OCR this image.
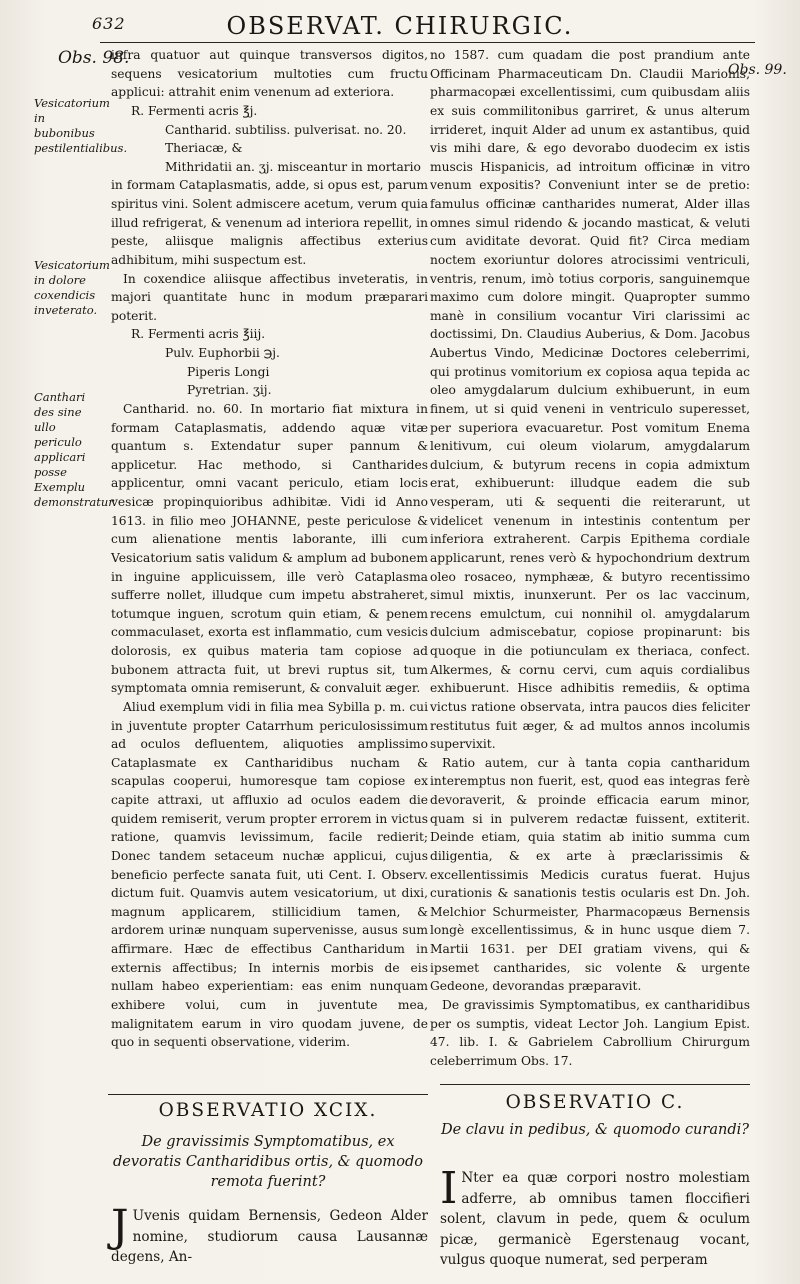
632	OBSERVAT. CHIRURGIC.
Obs. 98.
Obs. 99.
Vesicatorium in bubonibus pestilentialibus.
Vesicatorium in dolore coxendicis inveterato.
Canthari des sine ullo periculo applicari posse Exemplu demonstratur.

infra quatuor aut quinque transversos digitos, sequens vesicatorium multoties cum fructu applicui: attrahit enim venenum ad exteriora.

R. Fermenti acris ℥j.
Cantharid. subtiliss. pulverisat. no. 20.
Theriacæ, &
Mithridatii an. ʒj. misceantur in mortario

in formam Cataplasmatis, adde, si opus est, parum spiritus vini. Solent admiscere acetum, verum quia illud refrigerat, & venenum ad interiora repellit, in peste, aliisque malignis affectibus exterius adhibitum, mihi suspectum est.

In coxendice aliisque affectibus inveteratis, in majori quantitate hunc in modum præparari poterit.

R. Fermenti acris ℥iij.
Pulv. Euphorbii ℈j.
Piperis Longi
Pyretrian. ʒij.

Cantharid. no. 60. In mortario fiat mixtura in formam Cataplasmatis, addendo aquæ vitæ quantum s. Extendatur super pannum & applicetur. Hac methodo, si Cantharides applicentur, omni vacant periculo, etiam locis vesicæ propinquioribus adhibitæ. Vidi id Anno 1613. in filio meo JOHANNE, peste periculose & cum alienatione mentis laborante, illi cum Vesicatorium satis validum & amplum ad bubonem in inguine applicuissem, ille verò Cataplasma sufferre nollet, illudque cum impetu abstraheret, totumque inguen, scrotum quin etiam, & penem commaculaset, exorta est inflammatio, cum vesicis dolorosis, ex quibus materia tam copiose ad bubonem attracta fuit, ut brevi ruptus sit, tum symptomata omnia remiserunt, & convaluit æger.

Aliud exemplum vidi in filia mea Sybilla p. m. cui in juventute propter Catarrhum periculosissimum ad oculos defluentem, aliquoties amplissimo Cataplasmate ex Cantharidibus nucham & scapulas cooperui, humoresque tam copiose ex capite attraxi, ut affluxio ad oculos eadem die quidem remiserit, verum propter errorem in victus ratione, quamvis levissimum, facile redierit; Donec tandem setaceum nuchæ applicui, cujus beneficio perfecte sanata fuit, uti Cent. I. Observ. dictum fuit. Quamvis autem vesicatorium, ut dixi, magnum applicarem, stillicidium tamen, & ardorem urinæ nunquam supervenisse, ausus sum affirmare. Hæc de effectibus Cantharidum in externis affectibus; In internis morbis de eis nullam habeo experientiam: eas enim nunquam exhibere volui, cum in juventute mea, malignitatem earum in viro quodam juvene, de quo in sequenti observatione, viderim.

no 1587. cum quadam die post prandium ante Officinam Pharmaceuticam Dn. Claudii Marionis, pharmacopæi excellentissimi, cum quibusdam aliis ex suis commilitonibus garriret, & unus alterum irrideret, inquit Alder ad unum ex astantibus, quid vis mihi dare, & ego devorabo duodecim ex istis muscis Hispanicis, ad introitum officinæ in vitro venum expositis? Conveniunt inter se de pretio: famulus officinæ cantharides numerat, Alder illas omnes simul ridendo & jocando masticat, & veluti cum aviditate devorat. Quid fit? Circa mediam noctem exoriuntur dolores atrocissimi ventriculi, ventris, renum, imò totius corporis, sanguinemque maximo cum dolore mingit. Quapropter summo manè in consilium vocantur Viri clarissimi ac doctissimi, Dn. Claudius Auberius, & Dom. Jacobus Aubertus Vindo, Medicinæ Doctores celeberrimi, qui protinus vomitorium ex copiosa aqua tepida ac oleo amygdalarum dulcium exhibuerunt, in eum finem, ut si quid veneni in ventriculo superesset, per superiora evacuaretur. Post vomitum Enema lenitivum, cui oleum violarum, amygdalarum dulcium, & butyrum recens in copia admixtum erat, exhibuerunt: illudque eadem die sub vesperam, uti & sequenti die reiterarunt, ut videlicet venenum in intestinis contentum per inferiora extraherent. Carpis Epithema cordiale applicarunt, renes verò & hypochondrium dextrum oleo rosaceo, nymphææ, & butyro recentissimo simul mixtis, inunxerunt. Per os lac vaccinum, recens emulctum, cui nonnihil ol. amygdalarum dulcium admiscebatur, copiose propinarunt: bis quoque in die potiunculam ex theriaca, confect. Alkermes, & cornu cervi, cum aquis cordialibus exhibuerunt. Hisce adhibitis remediis, & optima victus ratione observata, intra paucos dies feliciter restitutus fuit æger, & ad multos annos incolumis supervixit.

Ratio autem, cur à tanta copia cantharidum interemptus non fuerit, est, quod eas integras ferè devoraverit, & proinde efficacia earum minor, quam si in pulverem redactæ fuissent, extiterit. Deinde etiam, quia statim ab initio summa cum diligentia, & ex arte à præclarissimis & excellentissimis Medicis curatus fuerat. Hujus curationis & sanationis testis ocularis est Dn. Joh. Melchior Schurmeister, Pharmacopæus Bernensis longè excellentissimus, & in hunc usque diem 7. Martii 1631. per DEI gratiam vivens, qui & ipsemet cantharides, sic volente & urgente Gedeone, devorandas præparavit.

De gravissimis Symptomatibus, ex cantharidibus per os sumptis, videat Lector Joh. Langium Epist. 47. lib. I. & Gabrielem Cabrollium Chirurgum celeberrimum Obs. 17.

OBSERVATIO XCIX.
De gravissimis Symptomatibus, ex devoratis Cantharidibus ortis, & quomodo remota fuerint?
J Uvenis quidam Bernensis, Gedeon Alder nomine, studiorum causa Lausannæ degens, An-
OBSERVATIO C.
De clavu in pedibus, & quomodo curandi?
I Nter ea quæ corpori nostro molestiam adferre, ab omnibus tamen floccifieri solent, clavum in pede, quem & oculum picæ, germanicè Egerstenaug vocant, vulgus quoque numerat, sed perperam
